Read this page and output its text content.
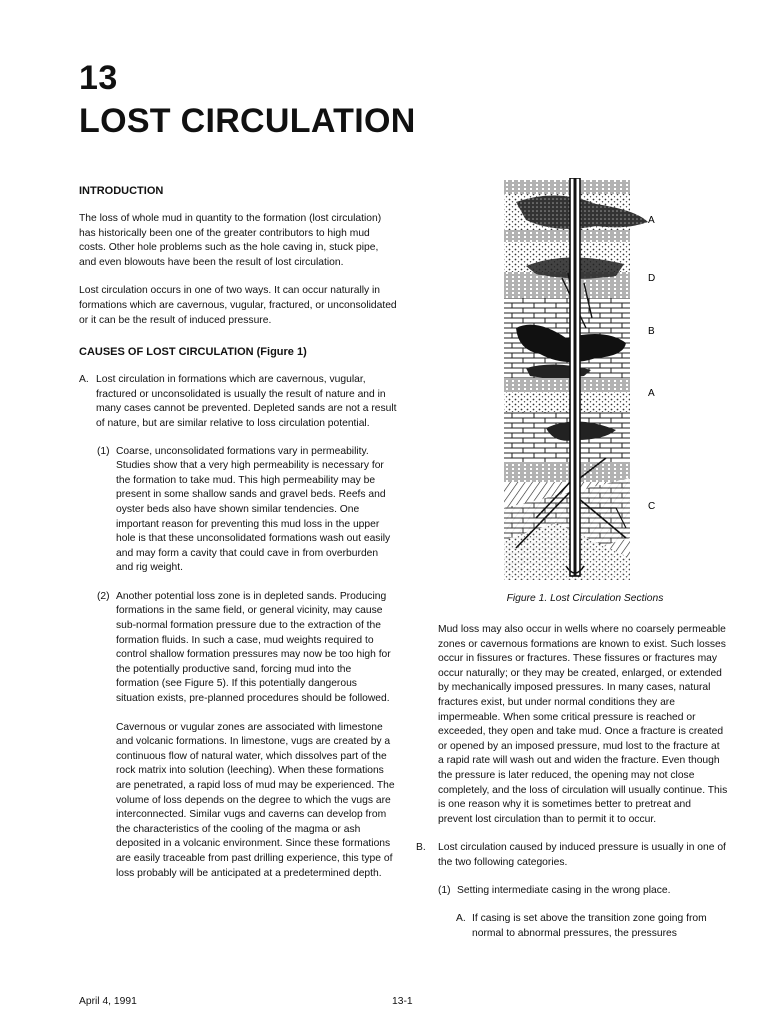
13
LOST CIRCULATION
INTRODUCTION

The loss of whole mud in quantity to the formation (lost circulation) has historically been one of the greater contributors to high mud costs. Other hole problems such as the hole caving in, stuck pipe, and even blowouts have been the result of lost circulation.

Lost circulation occurs in one of two ways. It can occur naturally in formations which are cavernous, vugular, fractured, or unconsolidated or it can be the result of induced pressure.

CAUSES OF LOST CIRCULATION (Figure 1)
A. Lost circulation in formations which are cavernous, vugular, fractured or unconsolidated is usually the result of nature and in many cases cannot be prevented. Depleted sands are not a result of nature, but are similar relative to loss circulation potential.

(1) Coarse, unconsolidated formations vary in permeability. Studies show that a very high permeability is necessary for the formation to take mud. This high permeability may be present in some shallow sands and gravel beds. Reefs and oyster beds also have shown similar tendencies. One important reason for preventing this mud loss in the upper hole is that these unconsolidated formations wash out easily and may form a cavity that could cave in from overburden and rig weight.

(2) Another potential loss zone is in depleted sands. Producing formations in the same field, or general vicinity, may cause sub-normal formation pressure due to the extraction of the formation fluids. In such a case, mud weights required to control shallow formation pressures may now be too high for the potentially productive sand, forcing mud into the formation (see Figure 5). If this potentially dangerous situation exists, pre-planned procedures should be followed.

Cavernous or vugular zones are associated with limestone and volcanic formations. In limestone, vugs are created by a continuous flow of natural water, which dissolves part of the rock matrix into solution (leeching). When these formations are penetrated, a rapid loss of mud may be experienced. The volume of loss depends on the degree to which the vugs are interconnected. Similar vugs and caverns can develop from the characteristics of the cooling of the magma or ash deposited in a volcanic environment. Since these formations are easily traceable from past drilling experience, this type of loss probably will be anticipated at a predetermined depth.

A
D
B
A
C
Figure 1. Lost Circulation Sections

Mud loss may also occur in wells where no coarsely permeable zones or cavernous formations are known to exist. Such losses occur in fissures or fractures. These fissures or fractures may occur naturally; or they may be created, enlarged, or extended by mechanically imposed pressures. In many cases, natural fractures exist, but under normal conditions they are impermeable. When some critical pressure is reached or exceeded, they open and take mud. Once a fracture is created or opened by an imposed pressure, mud lost to the fracture at a rapid rate will wash out and widen the fracture. Even though the pressure is later reduced, the opening may not close completely, and the loss of circulation will usually continue. This is one reason why it is sometimes better to pretreat and prevent lost circulation than to permit it to occur.

B.	Lost circulation caused by induced pressure is usually in one of the two following categories.

(1) Setting intermediate casing in the wrong place.

A. If casing is set above the transition zone going from normal to abnormal pressures, the pressures

April 4, 1991	13-1
